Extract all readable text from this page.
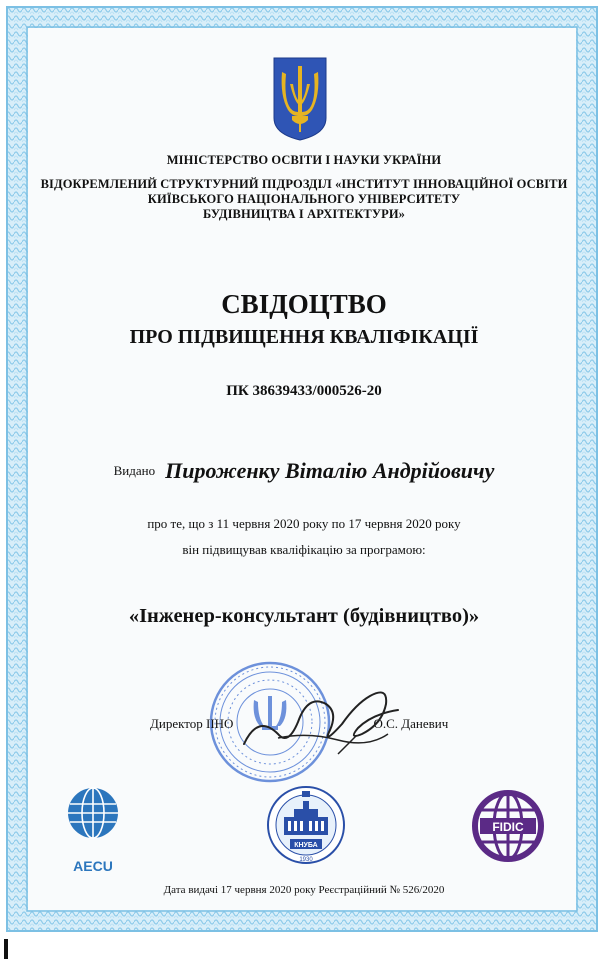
МІНІСТЕРСТВО ОСВІТИ І НАУКИ УКРАЇНИ
ВІДОКРЕМЛЕНИЙ СТРУКТУРНИЙ ПІДРОЗДІЛ «ІНСТИТУТ ІННОВАЦІЙНОЇ ОСВІТИ
КИЇВСЬКОГО НАЦІОНАЛЬНОГО УНІВЕРСИТЕТУ
БУДІВНИЦТВА І АРХІТЕКТУРИ»
СВІДОЦТВО
ПРО ПІДВИЩЕННЯ КВАЛІФІКАЦІЇ
ПК 38639433/000526-20
Видано Пироженку Віталію Андрійовичу
про те, що з 11 червня 2020 року по 17 червня 2020 року
він підвищував кваліфікацію за програмою:
«Інженер-консультант (будівництво)»
Директор ІІНО	О.С. Даневич
AECU
КНУБА
1930
FIDIC
Дата видачі 17 червня 2020 року Реєстраційний № 526/2020
